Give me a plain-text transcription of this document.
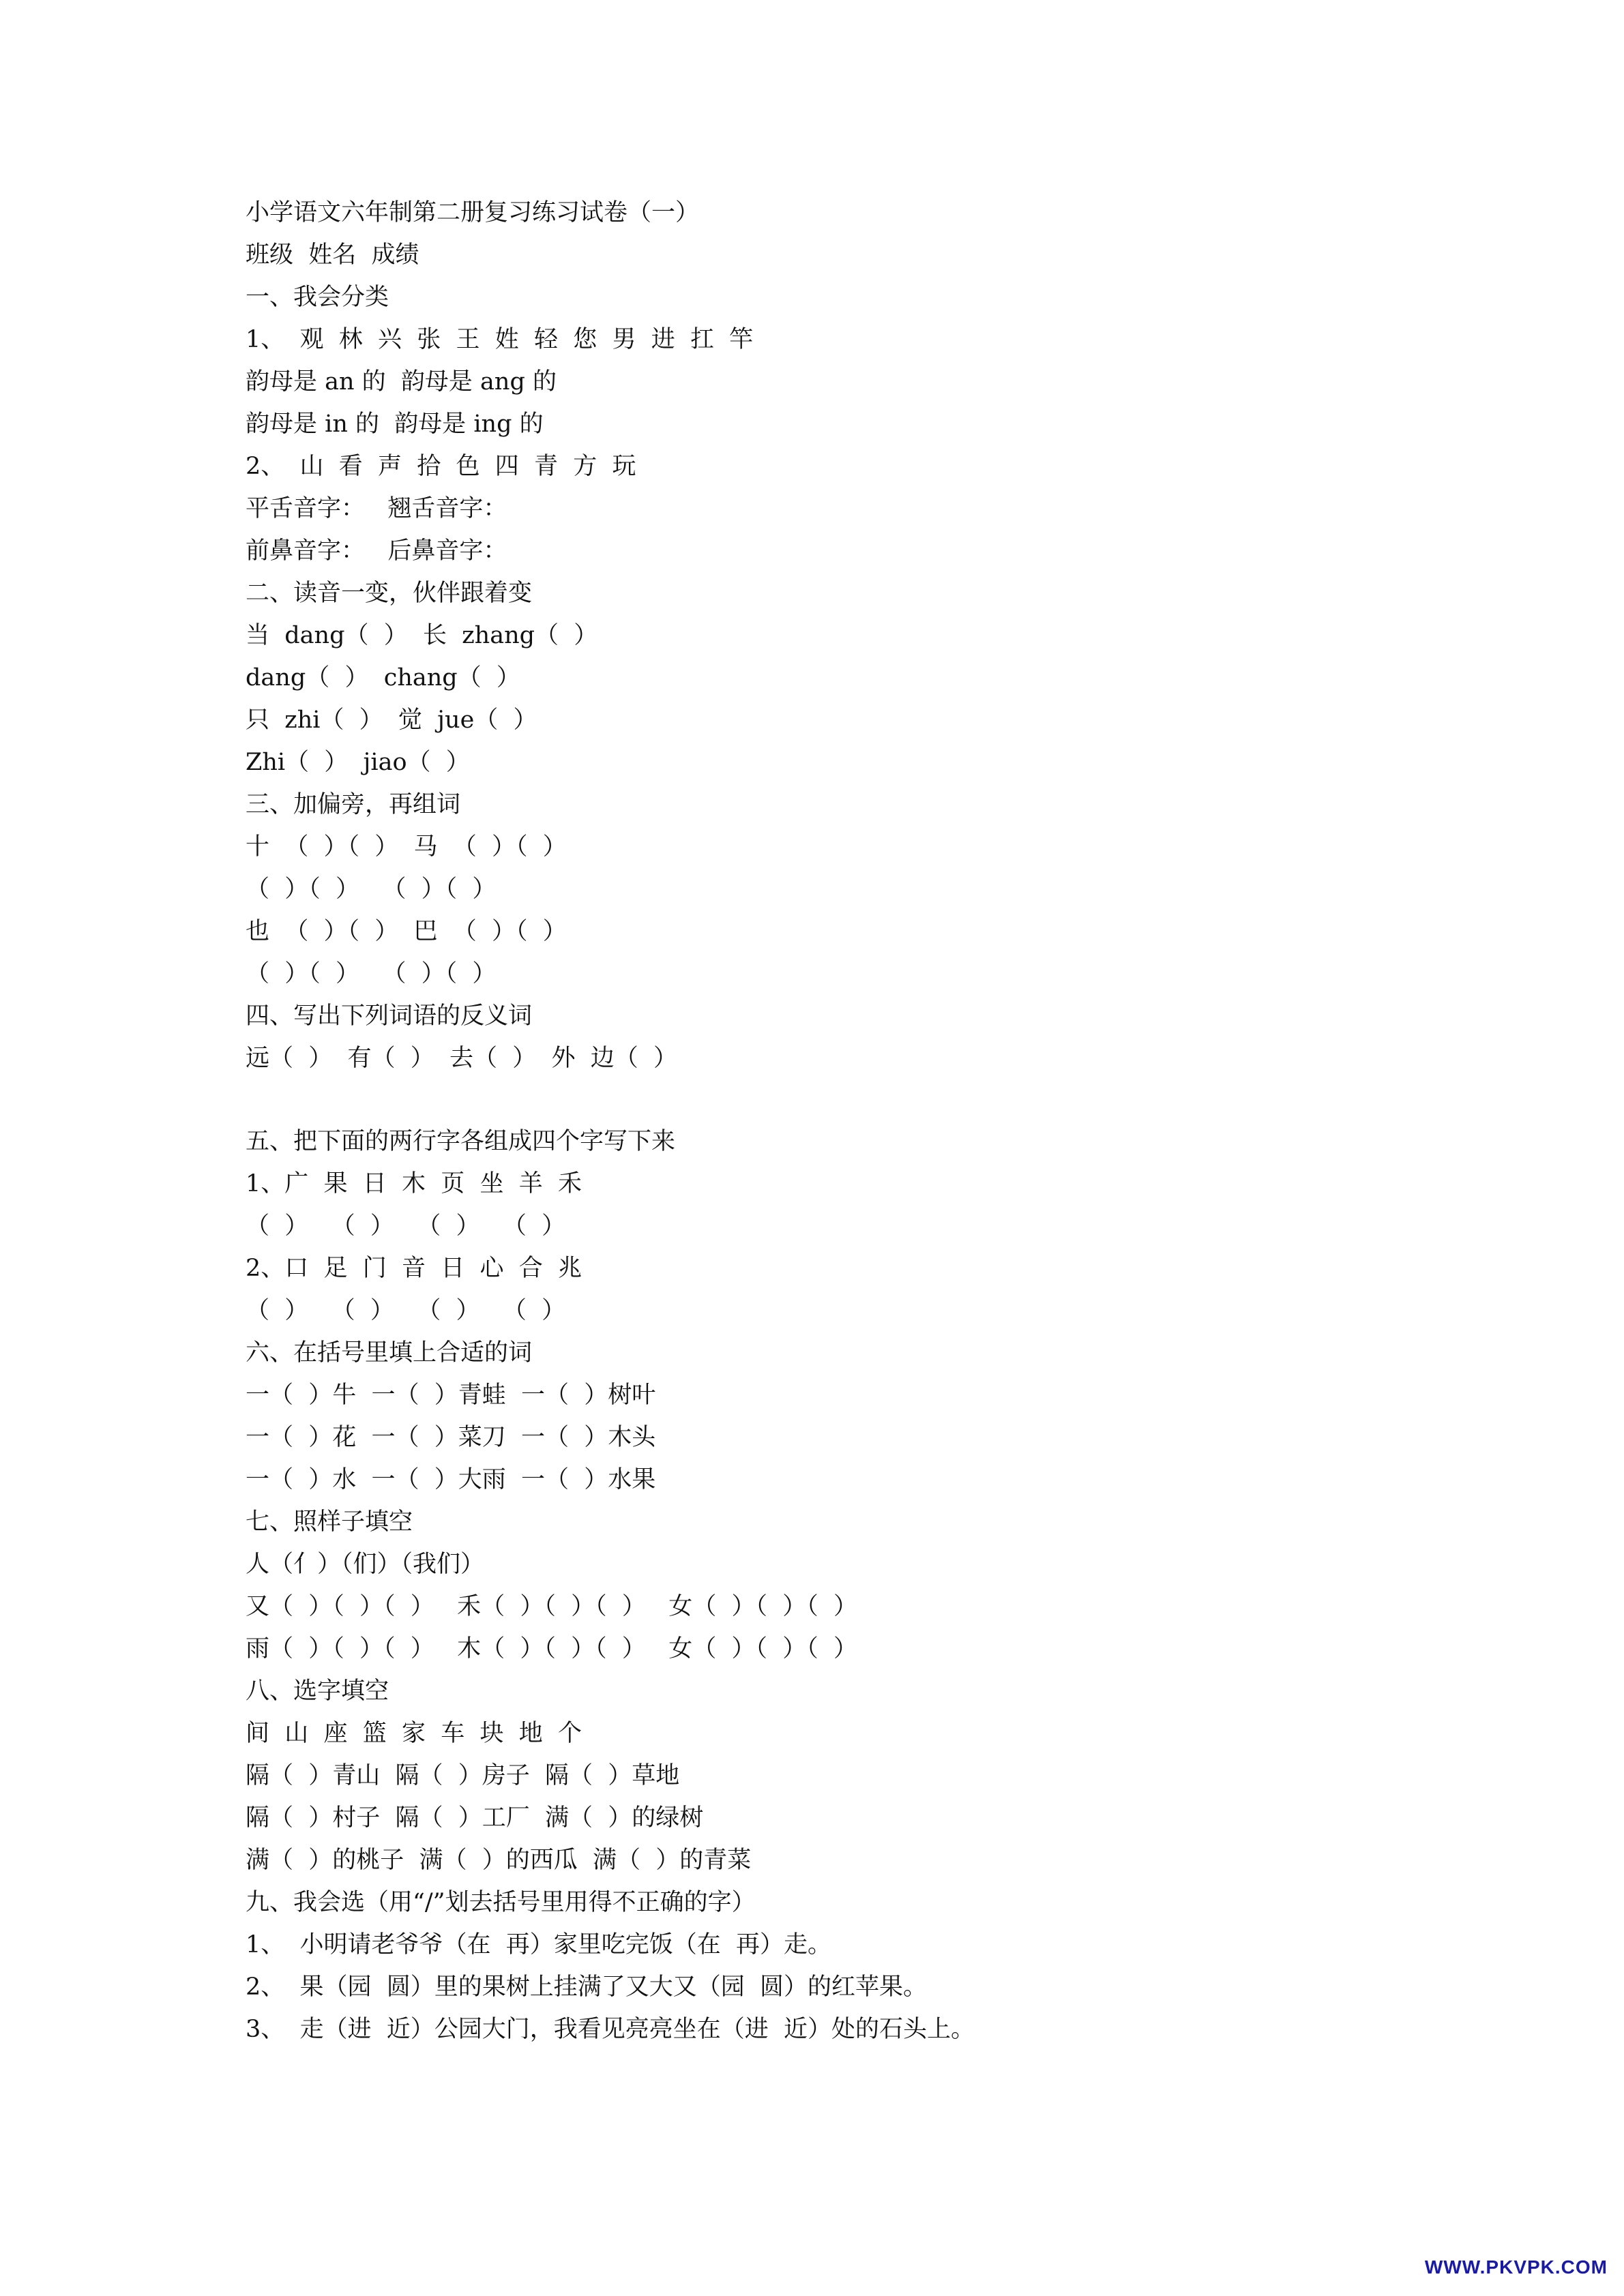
小学语文六年制第二册复习练习试卷（一）
班级  姓名  成绩
一、我会分类
1、  观  林  兴  张  王  姓  轻  您  男  进  扛  竿
韵母是 an 的  韵母是 ang 的
韵母是 in 的  韵母是 ing 的
2、  山  看  声  拾  色  四  青  方  玩
平舌音字：   翘舌音字：
前鼻音字：   后鼻音字：
二、读音一变，伙伴跟着变
当  dang（  ）  长  zhang（  ）
dang（  ）  chang（  ）
只  zhi（  ）  觉  jue（  ）
Zhi（  ）  jiao（  ）
三、加偏旁，再组词
十  （  ）（  ）  马  （  ）（  ）
（  ）（  ）   （  ）（  ）
也  （  ）（  ）  巴  （  ）（  ）
（  ）（  ）   （  ）（  ）
四、写出下列词语的反义词
远（  ）  有（  ）  去（  ）  外  边（  ）
五、把下面的两行字各组成四个字写下来
1、广  果  日  木  页  坐  羊  禾
（  ）   （  ）   （  ）   （  ）
2、口  足  门  音  日  心  合  兆
（  ）   （  ）   （  ）   （  ）
六、在括号里填上合适的词
一（  ）牛  一（  ）青蛙  一（  ）树叶
一（  ）花  一（  ）菜刀  一（  ）木头
一（  ）水  一（  ）大雨  一（  ）水果
七、照样子填空
人（亻）（们）（我们）
又（  ）（  ）（  ）   禾（  ）（  ）（  ）   女（  ）（  ）（  ）
雨（  ）（  ）（  ）   木（  ）（  ）（  ）   女（  ）（  ）（  ）
八、选字填空
间  山  座  篮  家  车  块  地  个
隔（  ）青山  隔（  ）房子  隔（  ）草地
隔（  ）村子  隔（  ）工厂  满（  ）的绿树
满（  ）的桃子  满（  ）的西瓜  满（  ）的青菜
九、我会选（用“/”划去括号里用得不正确的字）
1、  小明请老爷爷（在  再）家里吃完饭（在  再）走。
2、  果（园  圆）里的果树上挂满了又大又（园  圆）的红苹果。
3、  走（进  近）公园大门，我看见亮亮坐在（进  近）处的石头上。
WWW.PKVPK.COM
